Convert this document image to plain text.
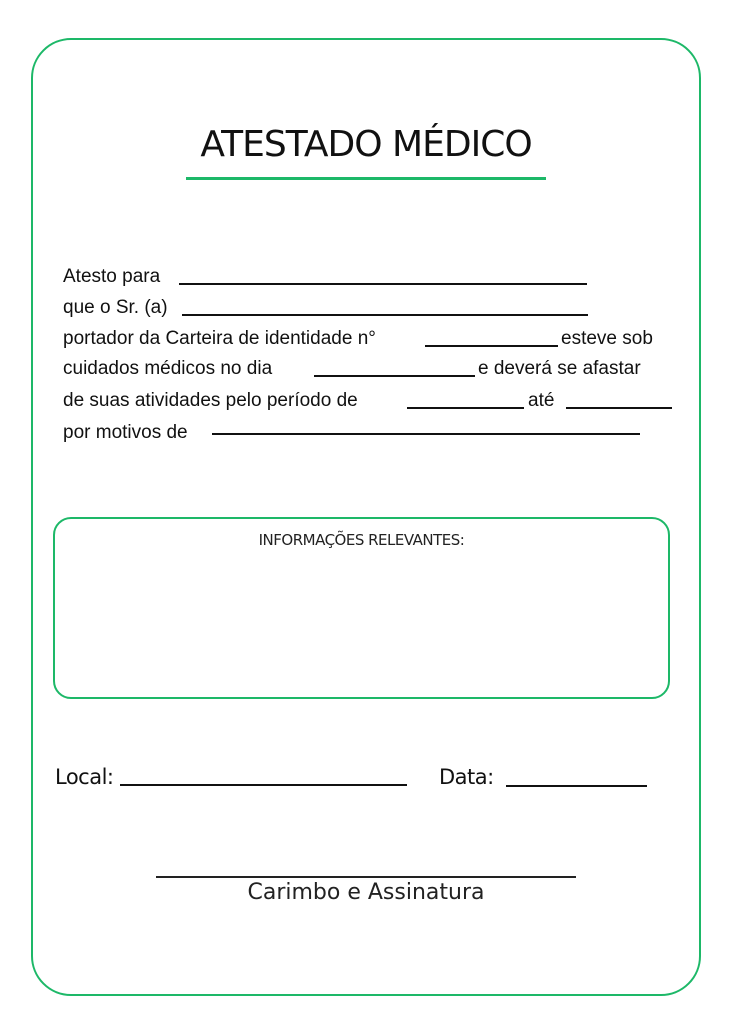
ATESTADO MÉDICO
Atesto para
que o Sr. (a)
portador da Carteira de identidade n°	esteve sob
cuidados médicos no dia	e deverá se afastar
de suas atividades pelo período de	até
por motivos de
INFORMAÇÕES RELEVANTES:
Local:	Data:
Carimbo e Assinatura
